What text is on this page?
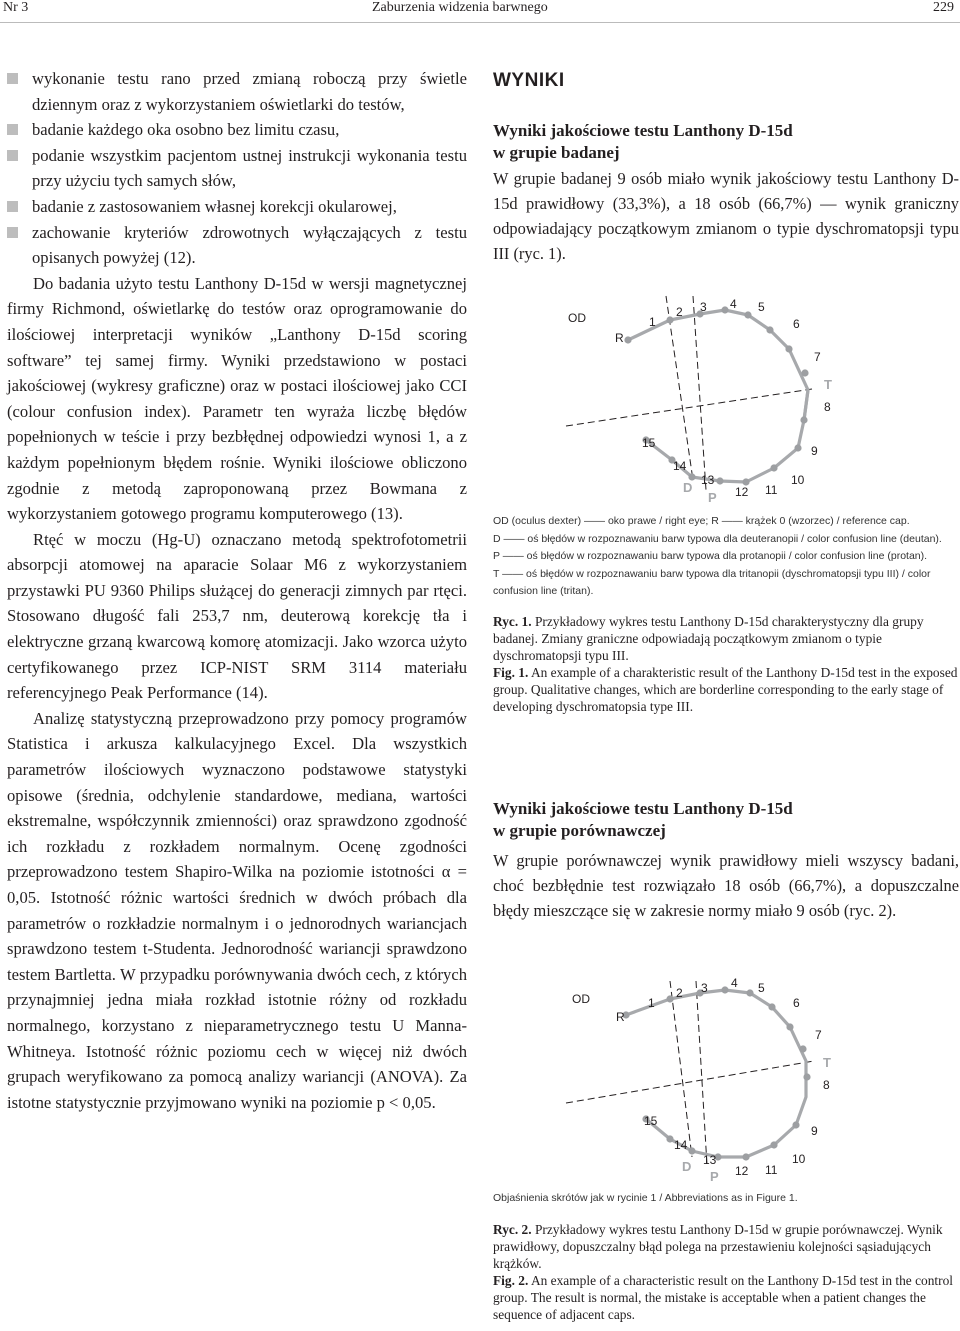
Nr 3	Zaburzenia widzenia barwnego	229
wykonanie testu rano przed zmianą roboczą przy świetle dziennym oraz z wykorzystaniem oświetlarki do testów,
badanie każdego oka osobno bez limitu czasu,
podanie wszystkim pacjentom ustnej instrukcji wykonania testu przy użyciu tych samych słów,
badanie z zastosowaniem własnej korekcji okularowej,
zachowanie kryteriów zdrowotnych wyłączających z testu opisanych powyżej (12).

Do badania użyto testu Lanthony D-15d w wersji magnetycznej firmy Richmond, oświetlarkę do testów oraz oprogramowanie do ilościowej interpretacji wyników „Lanthony D-15d scoring software” tej samej firmy. Wyniki przedstawiono w postaci jakościowej (wykresy graficzne) oraz w postaci ilościowej jako CCI (colour confusion index). Parametr ten wyraża liczbę błędów popełnionych w teście i przy bezbłędnej odpowiedzi wynosi 1, a z każdym popełnionym błędem rośnie. Wyniki ilościowe obliczono zgodnie z metodą zaproponowaną przez Bowmana z wykorzystaniem gotowego programu komputerowego (13).

Rtęć w moczu (Hg-U) oznaczano metodą spektrofotometrii absorpcji atomowej na aparacie Solaar M6 z wykorzystaniem przystawki PU 9360 Philips służącej do generacji zimnych par rtęci. Stosowano długość fali 253,7 nm, deuterową korekcję tła i elektryczne grzaną kwarcową komorę atomizacji. Jako wzorca użyto certyfikowanego przez ICP-NIST SRM 3114 materiału referencyjnego Peak Performance (14).

Analizę statystyczną przeprowadzono przy pomocy programów Statistica i arkusza kalkulacyjnego Excel. Dla wszystkich parametrów ilościowych wyznaczono podstawowe statystyki opisowe (średnia, odchylenie standardowe, mediana, wartości ekstremalne, współczynnik zmienności) oraz sprawdzono zgodność ich rozkładu z rozkładem normalnym. Ocenę zgodności przeprowadzono testem Shapiro-Wilka na poziomie istotności α = 0,05. Istotność różnic wartości średnich w dwóch próbach dla parametrów o rozkładzie normalnym i o jednorodnych wariancjach sprawdzono testem t-Studenta. Jednorodność wariancji sprawdzono testem Bartletta. W przypadku porównywania dwóch cech, z których przynajmniej jedna miała rozkład istotnie różny od rozkładu normalnego, korzystano z nieparametrycznego testu U Manna-Whitneya. Istotność różnic poziomu cech w więcej niż dwóch grupach weryfikowano za pomocą analizy wariancji (ANOVA). Za istotne statystycznie przyjmowano wyniki na poziomie p < 0,05.

WYNIKI
Wyniki jakościowe testu Lanthony D-15d
w grupie badanej
W grupie badanej 9 osób miało wynik jakościowy testu Lanthony D-15d prawidłowy (33,3%), a 18 osób (66,7%) — wynik graniczny odpowiadający początkowym zmianom o typie dyschromatopsji typu III (ryc. 1).
OD
R
1
2 3 4 5
6
7
8
9
10
11
12
13
14
15
T
D
P
OD (oculus dexter) —— oko prawe / right eye; R —— krążek 0 (wzorzec) / reference cap.
D —— oś błędów w rozpoznawaniu barw typowa dla deuteranopii / color confusion line (deutan).
P —— oś błędów w rozpoznawaniu barw typowa dla protanopii / color confusion line (protan).
T —— oś błędów w rozpoznawaniu barw typowa dla tritanopii (dyschromatopsji typu III) / color confusion line (tritan).
Ryc. 1. Przykładowy wykres testu Lanthony D-15d charakterystyczny dla grupy badanej. Zmiany graniczne odpowiadają początkowym zmianom o typie dyschromatopsji typu III.
Fig. 1. An example of a charakteristic result of the Lanthony D-15d test in the exposed group. Qualitative changes, which are borderline corresponding to the early stage of developing dyschromatopsia type III.
Wyniki jakościowe testu Lanthony D-15d
w grupie porównawczej
W grupie porównawczej wynik prawidłowy mieli wszyscy badani, choć bezbłędnie test rozwiązało 18 osób (66,7%), a dopuszczalne błędy mieszczące się w zakresie normy miało 9 osób (ryc. 2).
OD
R
1
2 3 4 5
6
7
8
9
10
11
12
13
14
15
T
D
P
Objaśnienia skrótów jak w rycinie 1 / Abbreviations as in Figure 1.
Ryc. 2. Przykładowy wykres testu Lanthony D-15d w grupie porównawczej. Wynik prawidłowy, dopuszczalny błąd polega na przestawieniu kolejności sąsiadujących krążków.
Fig. 2. An example of a characteristic result on the Lanthony D-15d test in the control group. The result is normal, the mistake is acceptable when a patient changes the sequence of adjacent caps.
